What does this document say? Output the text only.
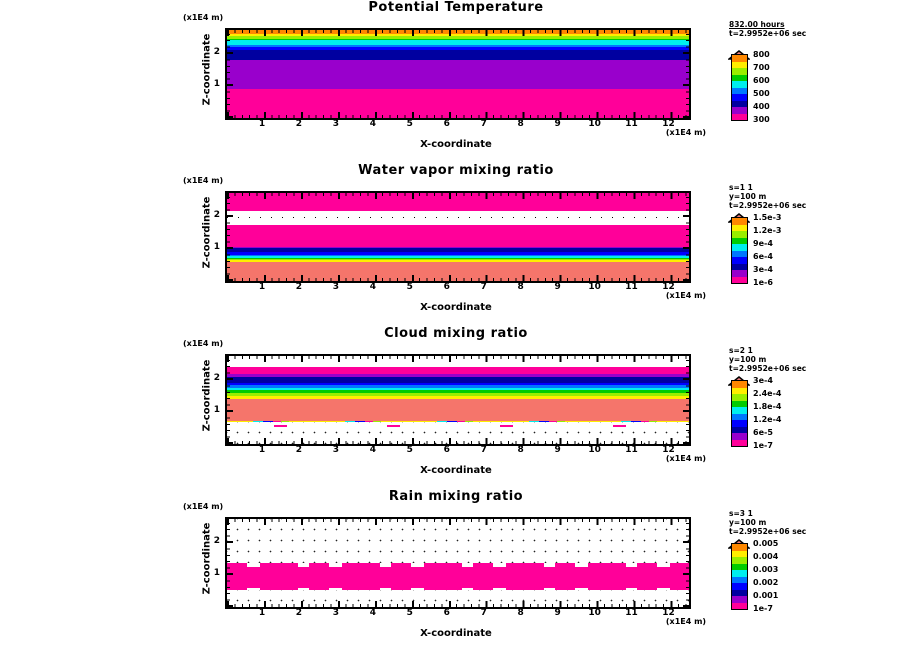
Potential Temperature
(x1E4 m)
Z-coordinate 2
1
1	2	3	4	5	6	7	8	9	10	11	12
(x1E4 m)
X-coordinate
832.00 hours
t=2.9952e+06 sec
800
700
600
500
400
300
Water vapor mixing ratio
(x1E4 m)
Z-coordinate 2
1
1	2	3	4	5	6	7	8	9	10	11	12
(x1E4 m)
X-coordinate
s=1 1
y=100 m
t=2.9952e+06 sec
1.5e-3
1.2e-3
9e-4
6e-4
3e-4
1e-6
Cloud mixing ratio
(x1E4 m)
Z-coordinate 2
1
1	2	3	4	5	6	7	8	9	10	11	12
(x1E4 m)
X-coordinate
s=2 1
y=100 m
t=2.9952e+06 sec
3e-4
2.4e-4
1.8e-4
1.2e-4
6e-5
1e-7
Rain mixing ratio
(x1E4 m)
Z-coordinate 2
1
1	2	3	4	5	6	7	8	9	10	11	12
(x1E4 m)
X-coordinate
s=3 1
y=100 m
t=2.9952e+06 sec
0.005
0.004
0.003
0.002
0.001
1e-7
